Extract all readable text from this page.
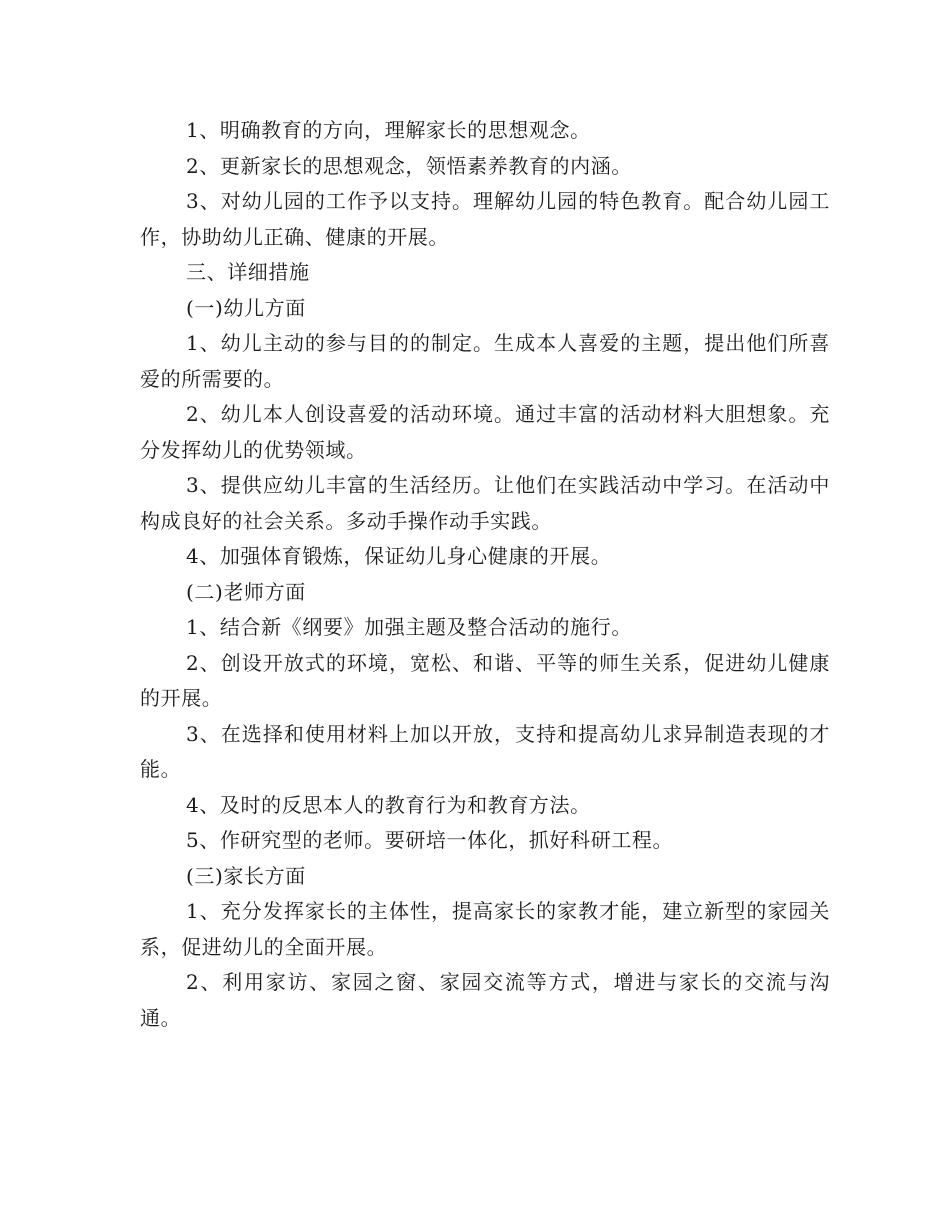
1、明确教育的方向，理解家长的思想观念。

2、更新家长的思想观念，领悟素养教育的内涵。

3、对幼儿园的工作予以支持。理解幼儿园的特色教育。配合幼儿园工作，协助幼儿正确、健康的开展。

三、详细措施

(一)幼儿方面

1、幼儿主动的参与目的的制定。生成本人喜爱的主题，提出他们所喜爱的所需要的。

2、幼儿本人创设喜爱的活动环境。通过丰富的活动材料大胆想象。充分发挥幼儿的优势领域。

3、提供应幼儿丰富的生活经历。让他们在实践活动中学习。在活动中构成良好的社会关系。多动手操作动手实践。

4、加强体育锻炼，保证幼儿身心健康的开展。

(二)老师方面

1、结合新《纲要》加强主题及整合活动的施行。

2、创设开放式的环境，宽松、和谐、平等的师生关系，促进幼儿健康的开展。

3、在选择和使用材料上加以开放，支持和提高幼儿求异制造表现的才能。

4、及时的反思本人的教育行为和教育方法。

5、作研究型的老师。要研培一体化，抓好科研工程。

(三)家长方面

1、充分发挥家长的主体性，提高家长的家教才能，建立新型的家园关系，促进幼儿的全面开展。

2、利用家访、家园之窗、家园交流等方式，增进与家长的交流与沟通。
